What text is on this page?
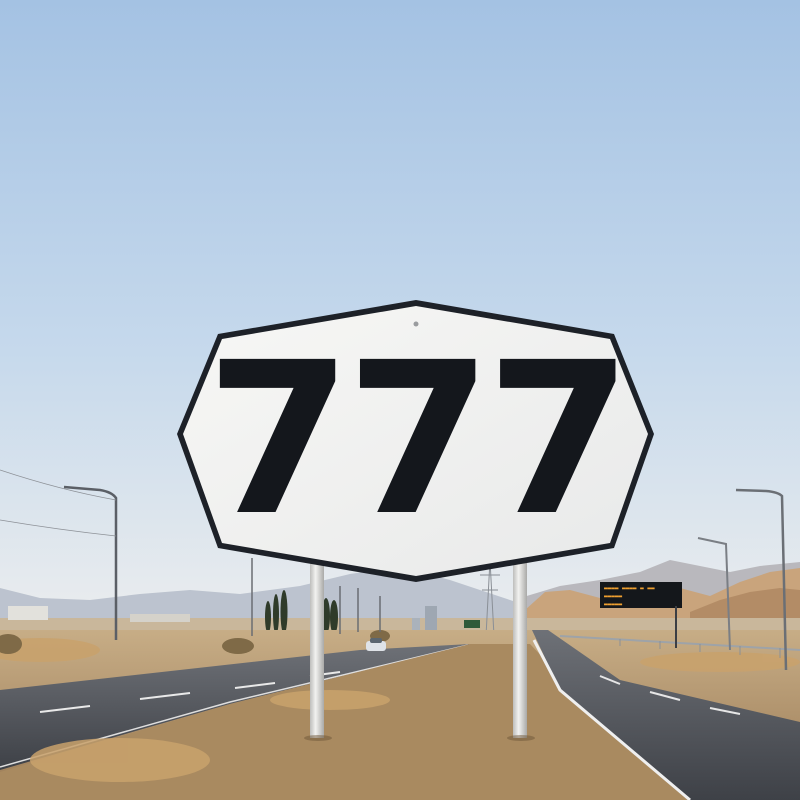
▬▬▬▬ ▬▬▬▬ ▬ ▬▬
▬▬▬▬▬
▬▬▬▬▬
777
